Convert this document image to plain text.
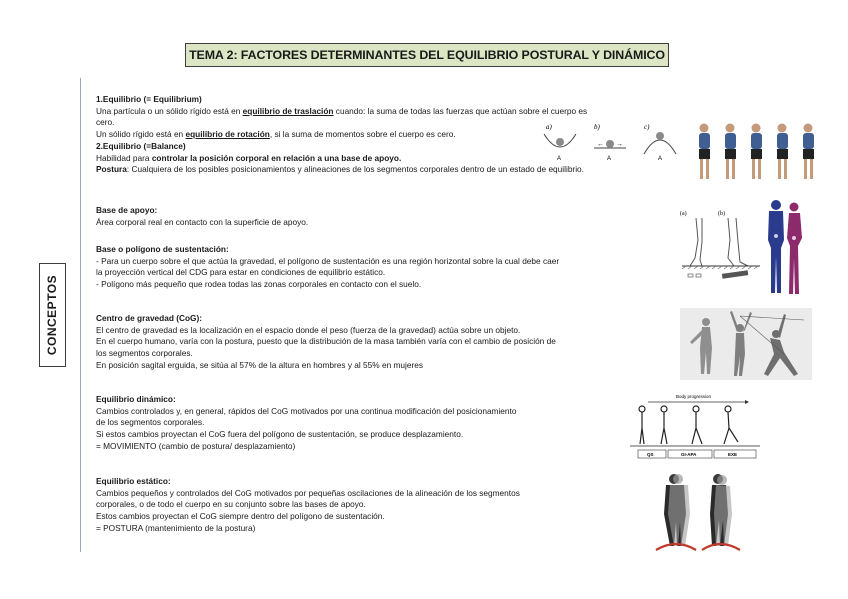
TEMA 2: FACTORES DETERMINANTES DEL EQUILIBRIO POSTURAL Y DINÁMICO
CONCEPTOS

1.Equilibrio (= Equilibrium)

Una partícula o un sólido rígido está en equilibrio de traslación cuando: la suma de todas las fuerzas que actúan sobre el cuerpo es

cero.

Un sólido rígido está en equilibrio de rotación, si la suma de momentos sobre el cuerpo es cero.

2.Equilibrio (=Balance)

Habilidad para controlar la posición corporal en relación a una base de apoyo.

Postura: Cualquiera de los posibles posicionamientos y alineaciones de los segmentos corporales dentro de un estado de equilibrio.

a)	b)	c)
A
← →
A	A

Base de apoyo:

Área corporal real en contacto con la superficie de apoyo.

(a)	(b)

Base o polígono de sustentación:

- Para un cuerpo sobre el que actúa la gravedad, el polígono de sustentación es una región horizontal sobre la cual debe caer

la proyección vertical del CDG para estar en condiciones de equilibrio estático.

- Polígono más pequeño que rodea todas las zonas corporales en contacto con el suelo.

Centro de gravedad (CoG):

El centro de gravedad es la localización en el espacio donde el peso (fuerza de la gravedad) actúa sobre un objeto.

En el cuerpo humano, varía con la postura, puesto que la distribución de la masa también varía con el cambio de posición de

los segmentos corporales.

En posición sagital erguida, se sitúa al 57% de la altura en hombres y al 55% en mujeres

Equilibrio dinámico:

Cambios controlados y, en general, rápidos del CoG motivados por una continua modificación del posicionamiento

de los segmentos corporales.

Si estos cambios proyectan el CoG fuera del polígono de sustentación, se produce desplazamiento.

= MOVIMIENTO (cambio de postura/ desplazamiento)

Body progression
QS	GI-APA	EXE

Equilibrio estático:

Cambios pequeños y controlados del CoG motivados por pequeñas oscilaciones de la alineación de los segmentos

corporales, o de todo el cuerpo en su conjunto sobre las bases de apoyo.

Estos cambios proyectan el CoG siempre dentro del polígono de sustentación.

= POSTURA (mantenimiento de la postura)
